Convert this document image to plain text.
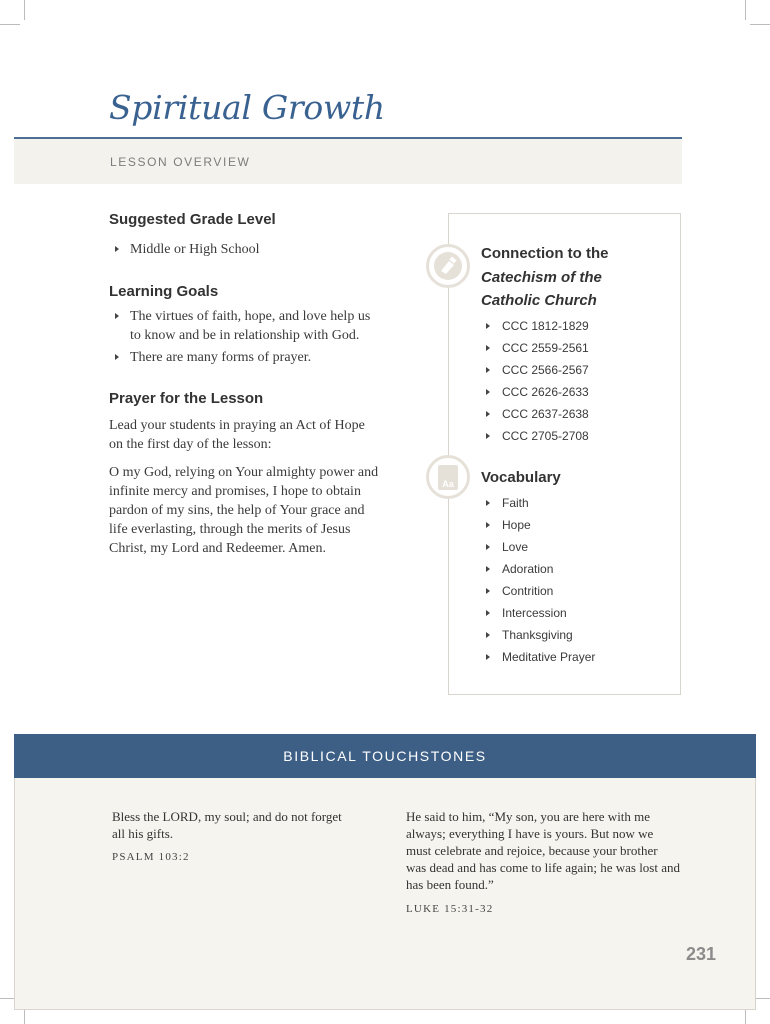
Spiritual Growth
LESSON OVERVIEW
Suggested Grade Level
Middle or High School
Learning Goals
The virtues of faith, hope, and love help us to know and be in relationship with God.
There are many forms of prayer.
Prayer for the Lesson

Lead your students in praying an Act of Hope on the first day of the lesson:

O my God, relying on Your almighty power and infinite mercy and promises, I hope to obtain pardon of my sins, the help of Your grace and life everlasting, through the merits of Jesus Christ, my Lord and Redeemer. Amen.

Connection to the
Catechism of the
Catholic Church
CCC 1812-1829
CCC 2559-2561
CCC 2566-2567
CCC 2626-2633
CCC 2637-2638
CCC 2705-2708
Aa Vocabulary
Faith
Hope
Love
Adoration
Contrition
Intercession
Thanksgiving
Meditative Prayer
BIBLICAL TOUCHSTONES

Bless the LORD, my soul; and do not forget all his gifts.

PSALM 103:2

He said to him, “My son, you are here with me always; everything I have is yours. But now we must celebrate and rejoice, because your brother was dead and has come to life again; he was lost and has been found.”

LUKE 15:31-32
231
